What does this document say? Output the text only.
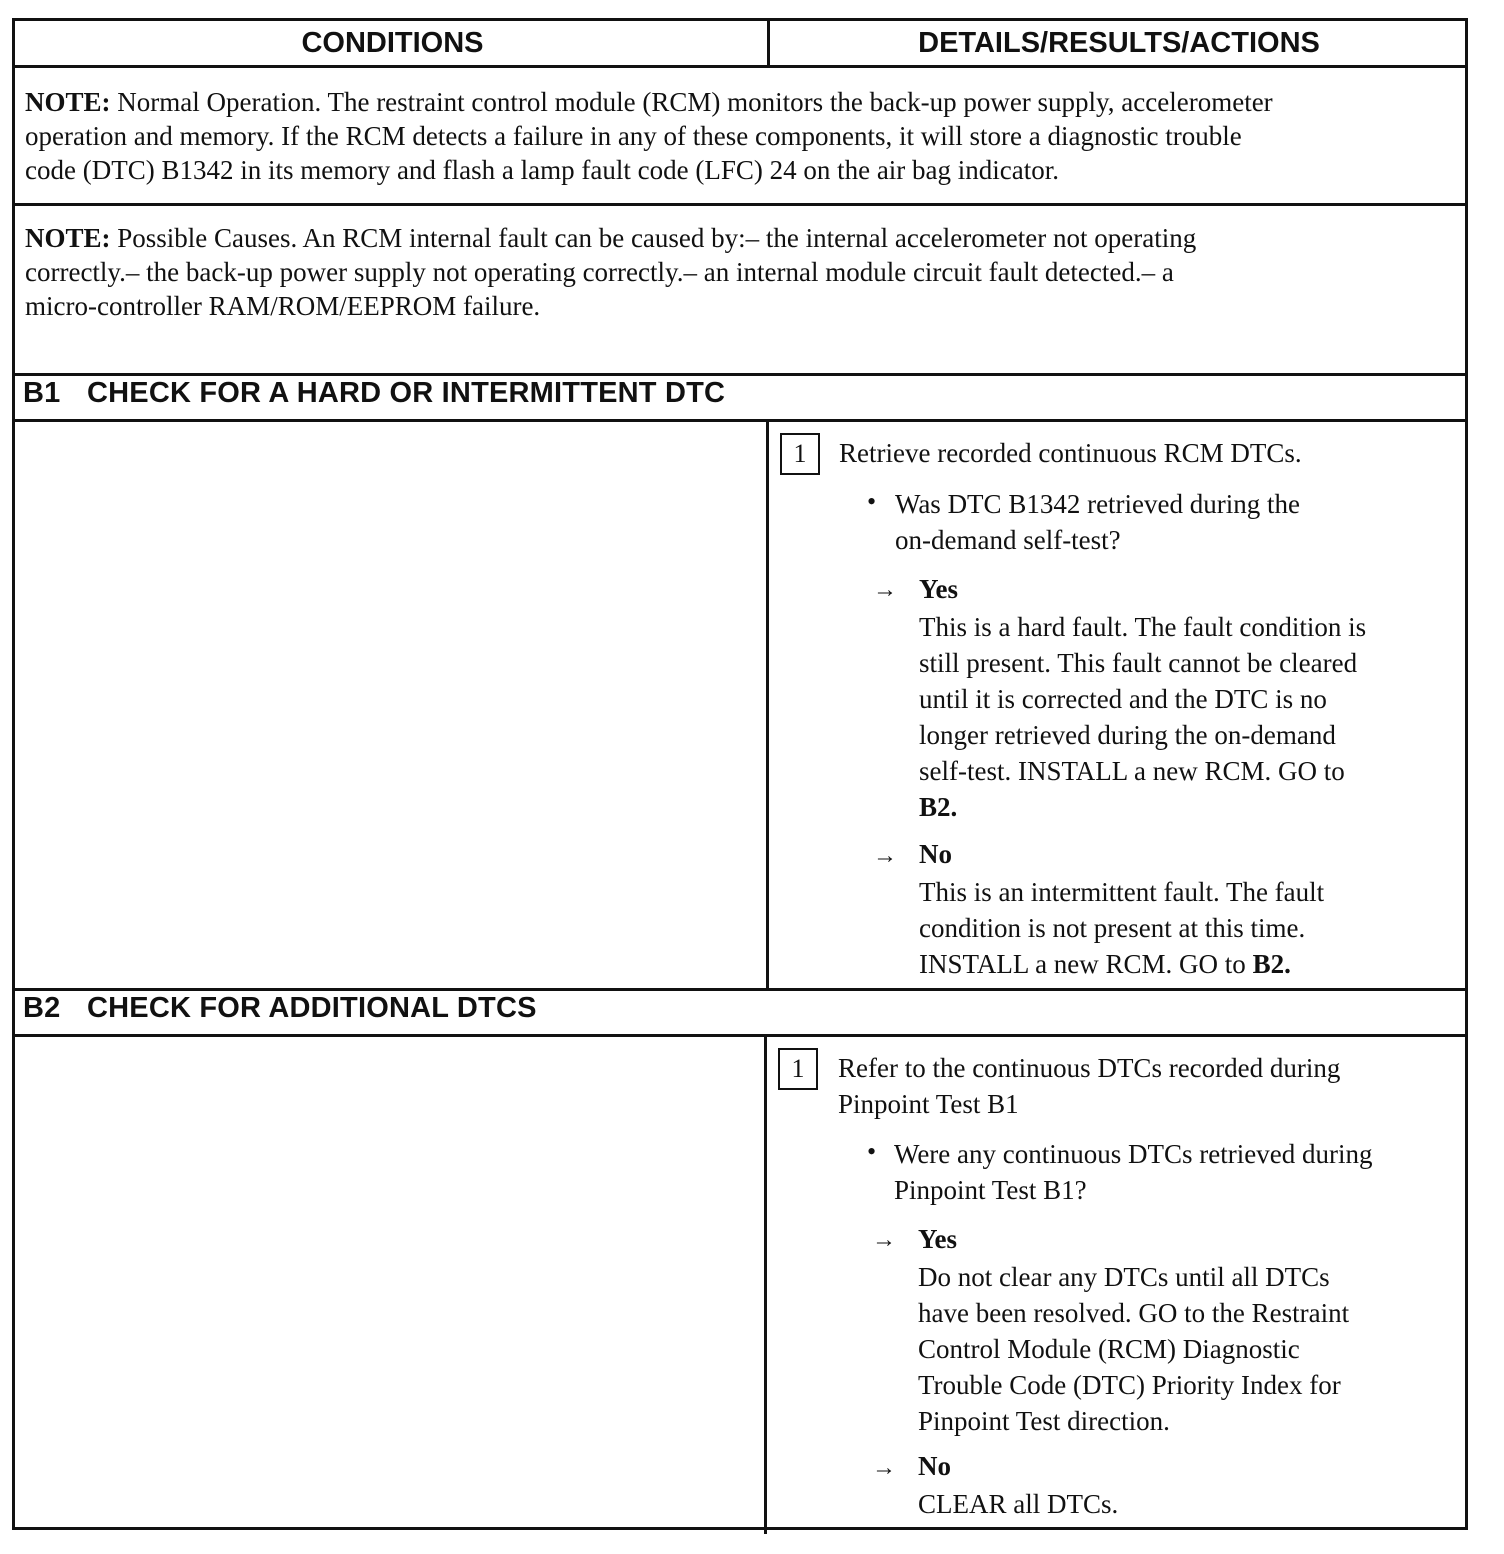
CONDITIONS	DETAILS/RESULTS/ACTIONS
NOTE: Normal Operation. The restraint control module (RCM) monitors the back-up power supply, accelerometer
operation and memory. If the RCM detects a failure in any of these components, it will store a diagnostic trouble
code (DTC) B1342 in its memory and flash a lamp fault code (LFC) 24 on the air bag indicator.
NOTE: Possible Causes. An RCM internal fault can be caused by:– the internal accelerometer not operating
correctly.– the back-up power supply not operating correctly.– an internal module circuit fault detected.– a
micro-controller RAM/ROM/EEPROM failure.
B1 CHECK FOR A HARD OR INTERMITTENT DTC
1	Retrieve recorded continuous RCM DTCs.
• Was DTC B1342 retrieved during the
on-demand self-test?
→ Yes
This is a hard fault. The fault condition is
still present. This fault cannot be cleared
until it is corrected and the DTC is no
longer retrieved during the on-demand
self-test. INSTALL a new RCM. GO to
B2.
→ No
This is an intermittent fault. The fault
condition is not present at this time.
INSTALL a new RCM. GO to B2.
B2 CHECK FOR ADDITIONAL DTCS
1	Refer to the continuous DTCs recorded during
Pinpoint Test B1
• Were any continuous DTCs retrieved during
Pinpoint Test B1?
→ Yes
Do not clear any DTCs until all DTCs
have been resolved. GO to the Restraint
Control Module (RCM) Diagnostic
Trouble Code (DTC) Priority Index for
Pinpoint Test direction.
→ No
CLEAR all DTCs.
